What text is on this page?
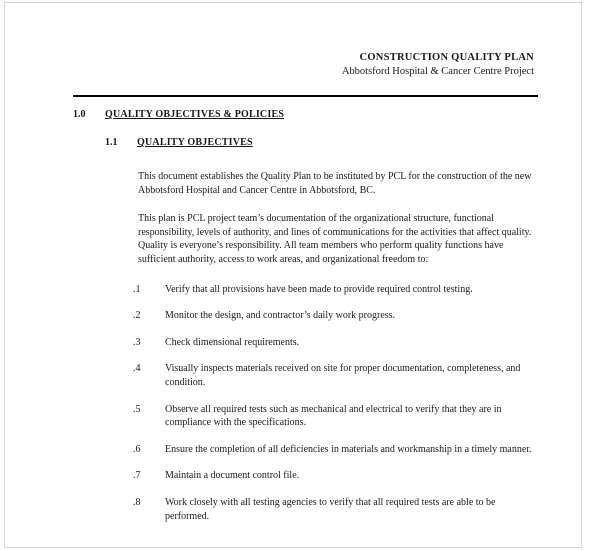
CONSTRUCTION QUALITY PLAN
Abbotsford Hospital & Cancer Centre Project
1.0	QUALITY OBJECTIVES & POLICIES
1.1	QUALITY OBJECTIVES

This document establishes the Quality Plan to be instituted by PCL for the construction of the new Abbotsford Hospital and Cancer Centre in Abbotsford, BC.

This plan is PCL project team’s documentation of the organizational structure, functional responsibility, levels of authority, and lines of communications for the activities that affect quality. Quality is everyone’s responsibility. All team members who perform quality functions have sufficient authority, access to work areas, and organizational freedom to:

.1	Verify that all provisions have been made to provide required control testing.
.2	Monitor the design, and contractor’s daily work progress.
.3	Check dimensional requirements.
.4	Visually inspects materials received on site for proper documentation, completeness, and condition.
.5	Observe all required tests such as mechanical and electrical to verify that they are in compliance with the specifications.
.6	Ensure the completion of all deficiencies in materials and workmanship in a timely manner.
.7	Maintain a document control file.
.8	Work closely with all testing agencies to verify that all required tests are able to be performed.
